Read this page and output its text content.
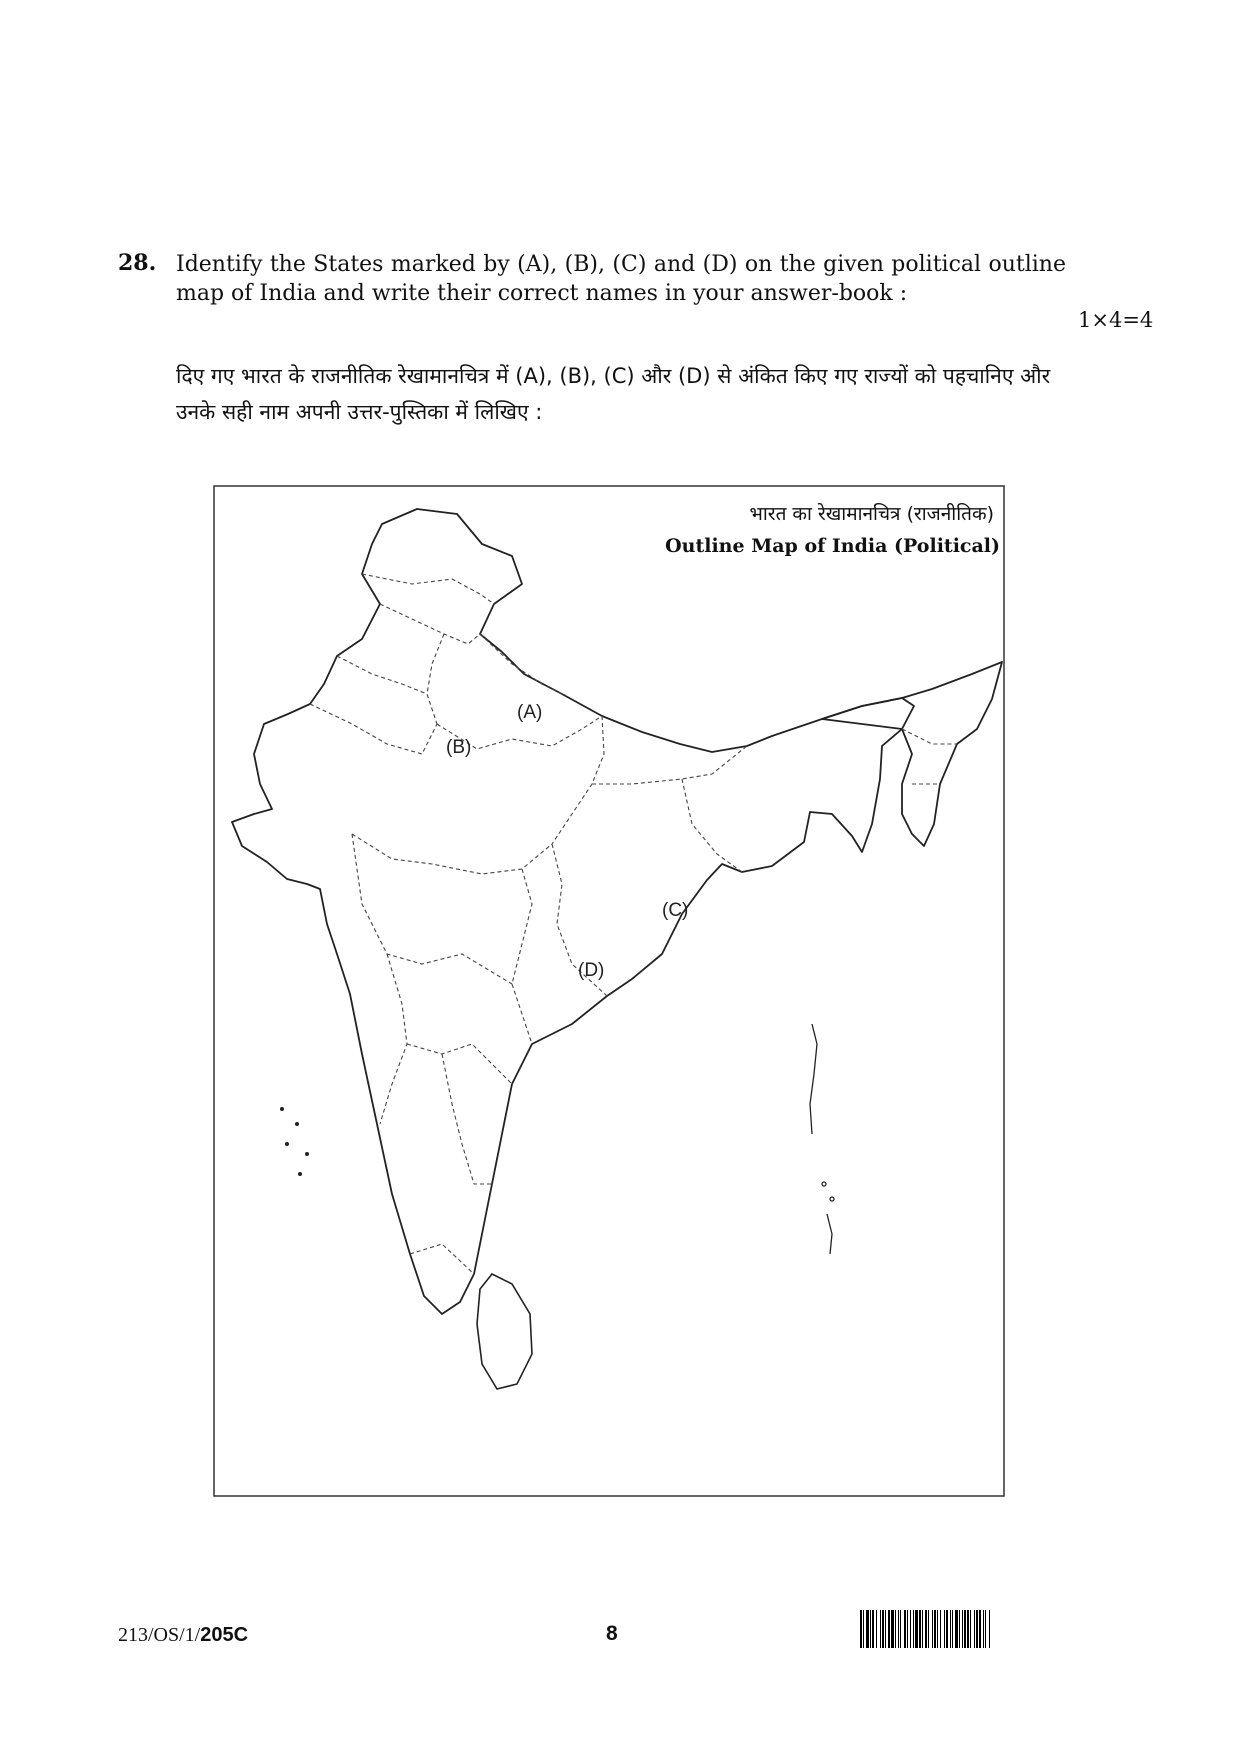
28. Identify the States marked by (A), (B), (C) and (D) on the given political outline map of India and write their correct names in your answer-book :
1×4=4
दिए गए भारत के राजनीतिक रेखामानचित्र में (A), (B), (C) और (D) से अंकित किए गए राज्यों को पहचानिए और उनके सही नाम अपनी उत्तर-पुस्तिका में लिखिए :
भारत का रेखामानचित्र (राजनीतिक)
Outline Map of India (Political)
(A)
(B)
(C)
(D)
213/OS/1/205C	8
